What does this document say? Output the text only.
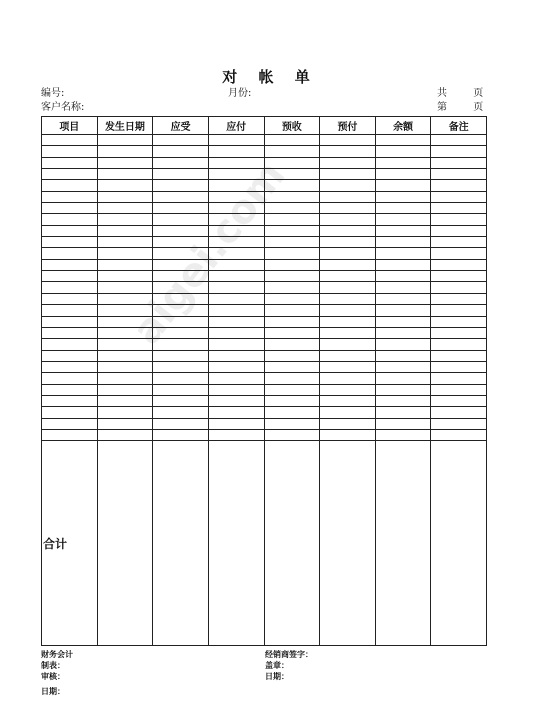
aigei.com
对 帐 单
编号:	月份:
客户名称:
共	页
第	页
项目	发生日期	应受	应付	预收	预付	余额	备注

合计							
财务会计
制表：
审核：
日期：
经销商签字：
盖章：
日期：
